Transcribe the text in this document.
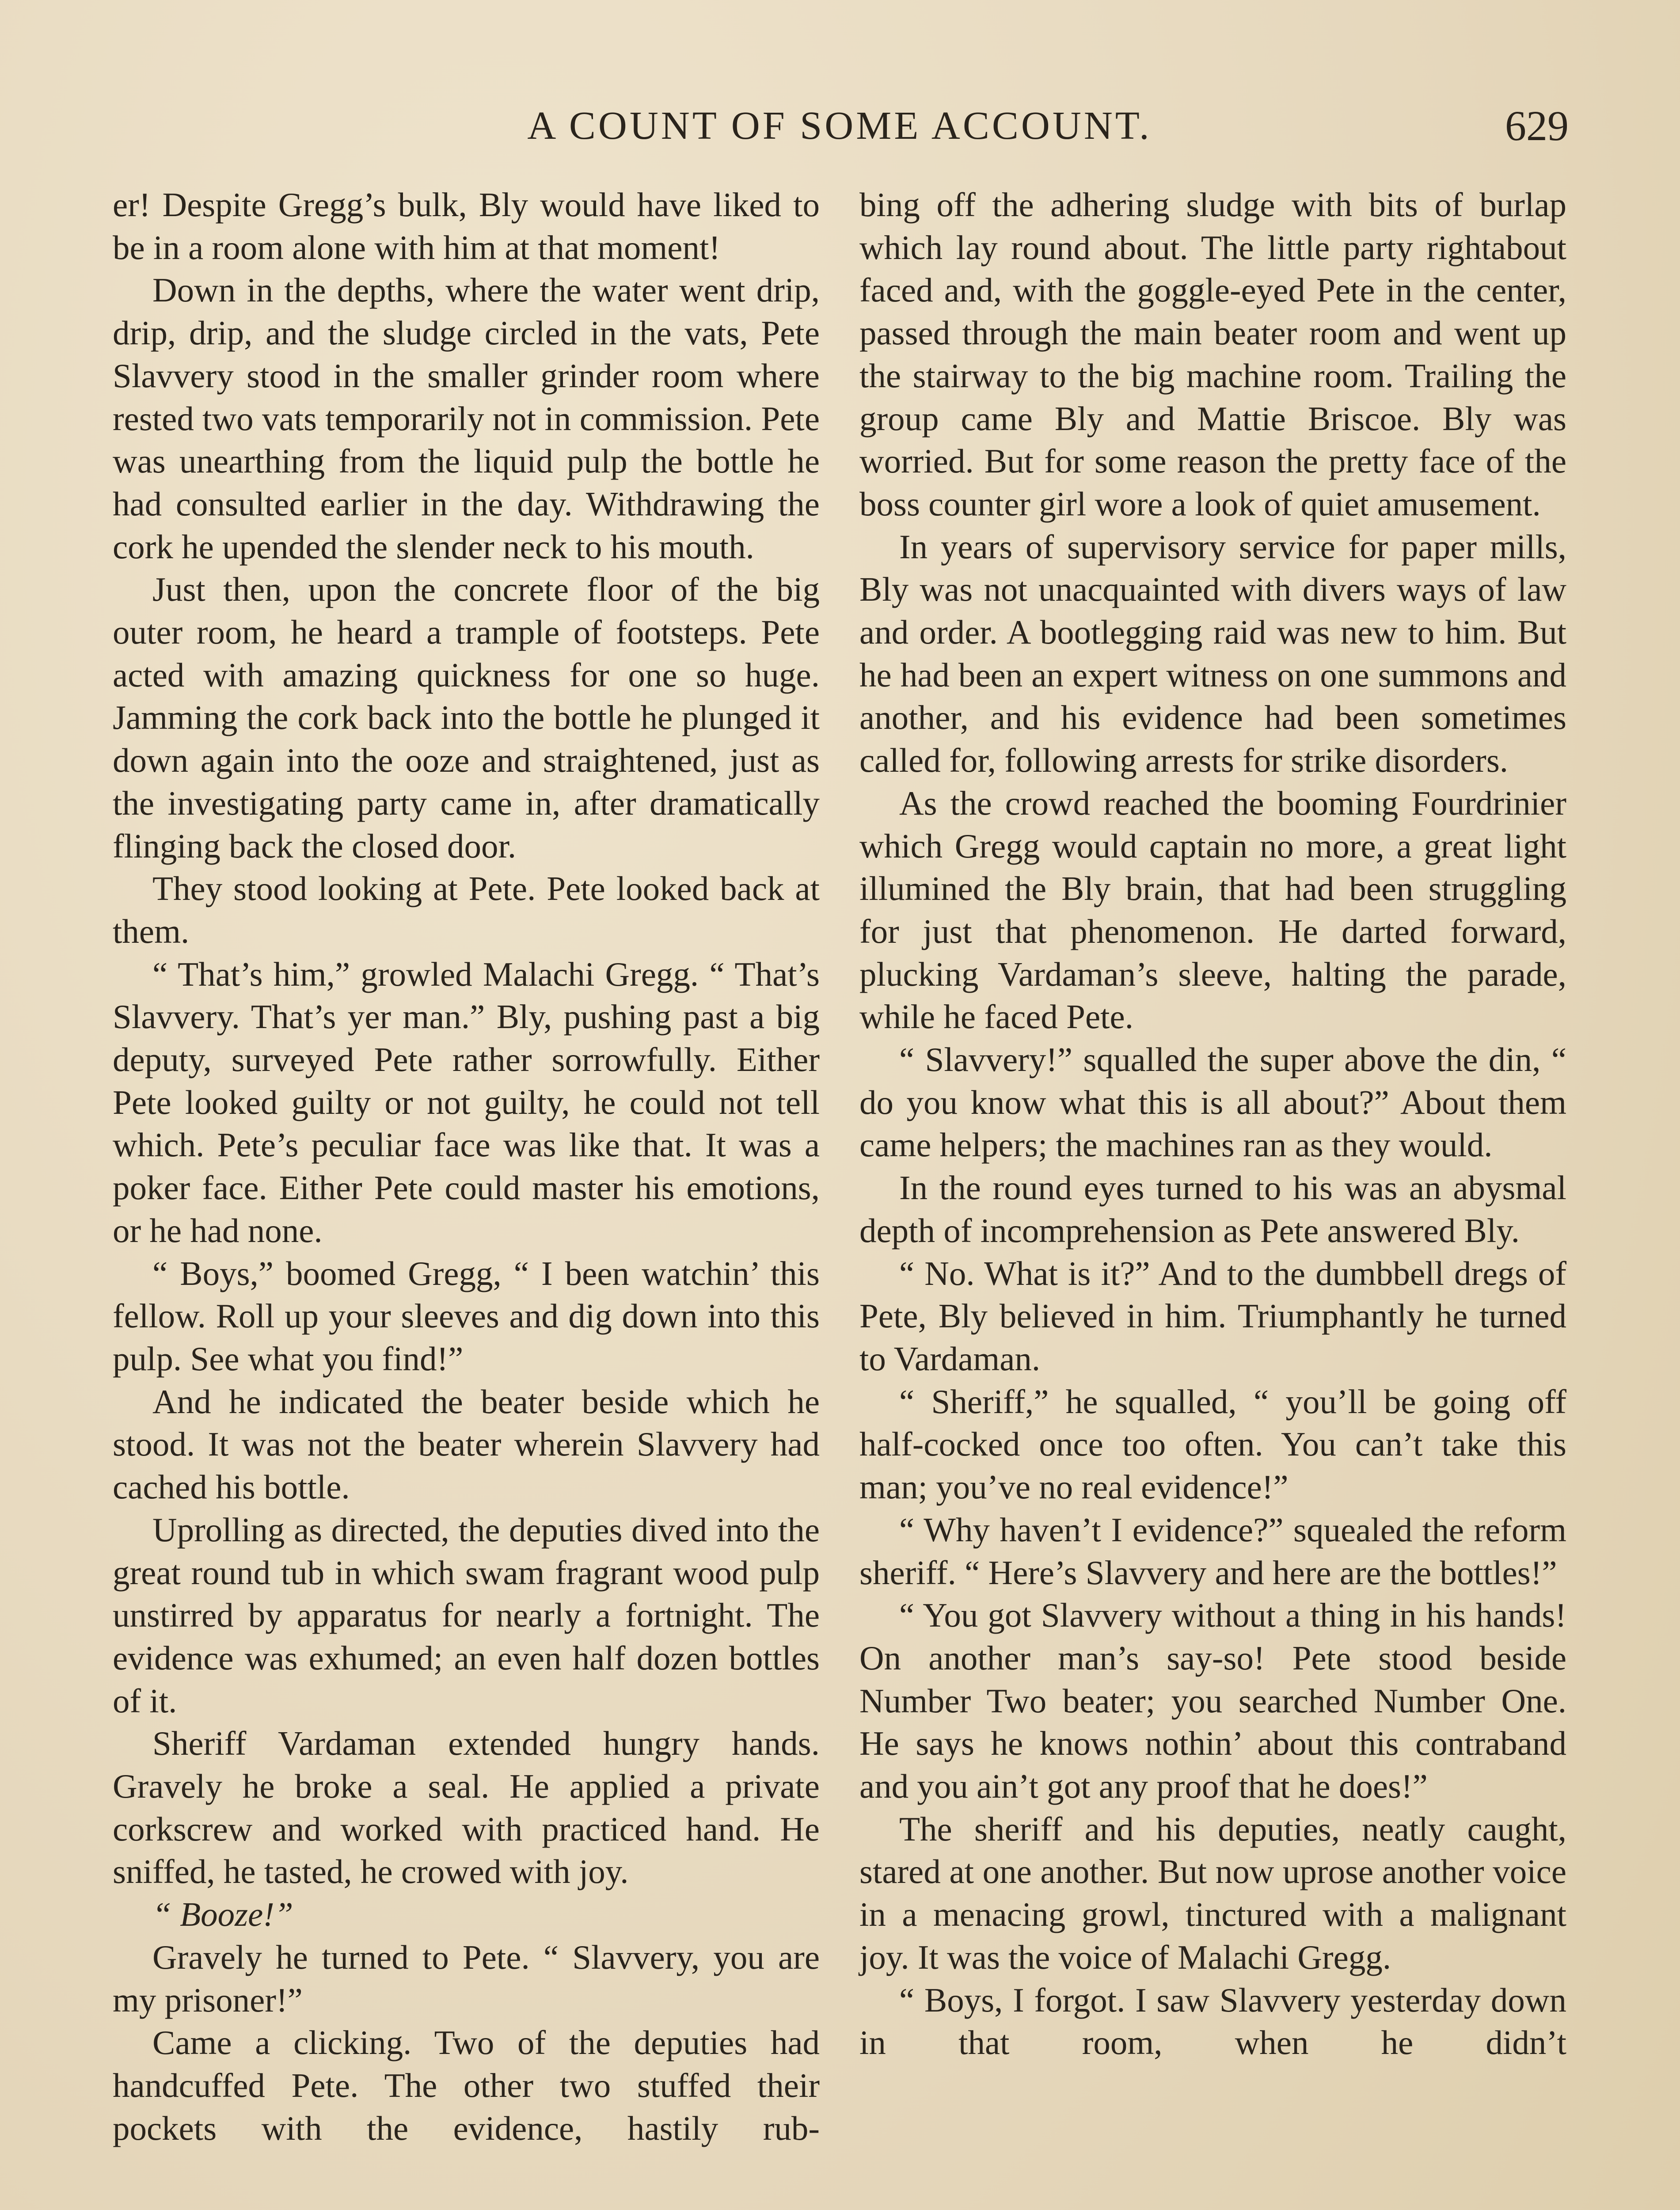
A COUNT OF SOME ACCOUNT.	629

er! Despite Gregg’s bulk, Bly would have liked to be in a room alone with him at that moment!

Down in the depths, where the water went drip, drip, drip, and the sludge circled in the vats, Pete Slavvery stood in the smaller grinder room where rested two vats temporarily not in commission. Pete was unearthing from the liquid pulp the bottle he had consulted earlier in the day. Withdrawing the cork he upended the slender neck to his mouth.

Just then, upon the concrete floor of the big outer room, he heard a trample of footsteps. Pete acted with amazing quickness for one so huge. Jamming the cork back into the bottle he plunged it down again into the ooze and straightened, just as the investigating party came in, after dramatically flinging back the closed door.

They stood looking at Pete. Pete looked back at them.

“ That’s him,” growled Malachi Gregg. “ That’s Slavvery. That’s yer man.” Bly, pushing past a big deputy, surveyed Pete rather sorrowfully. Either Pete looked guilty or not guilty, he could not tell which. Pete’s peculiar face was like that. It was a poker face. Either Pete could master his emotions, or he had none.

“ Boys,” boomed Gregg, “ I been watchin’ this fellow. Roll up your sleeves and dig down into this pulp. See what you find!”

And he indicated the beater beside which he stood. It was not the beater wherein Slavvery had cached his bottle.

Uprolling as directed, the deputies dived into the great round tub in which swam fragrant wood pulp unstirred by apparatus for nearly a fortnight. The evidence was exhumed; an even half dozen bottles of it.

Sheriff Vardaman extended hungry hands. Gravely he broke a seal. He applied a private corkscrew and worked with practiced hand. He sniffed, he tasted, he crowed with joy.

“ Booze!”

Gravely he turned to Pete. “ Slavvery, you are my prisoner!”

Came a clicking. Two of the deputies had handcuffed Pete. The other two stuffed their pockets with the evidence, hastily rub-

bing off the adhering sludge with bits of burlap which lay round about. The little party rightabout faced and, with the goggle-eyed Pete in the center, passed through the main beater room and went up the stairway to the big machine room. Trailing the group came Bly and Mattie Briscoe. Bly was worried. But for some reason the pretty face of the boss counter girl wore a look of quiet amusement.

In years of supervisory service for paper mills, Bly was not unacquainted with divers ways of law and order. A bootlegging raid was new to him. But he had been an expert witness on one summons and another, and his evidence had been sometimes called for, following arrests for strike disorders.

As the crowd reached the booming Fourdrinier which Gregg would captain no more, a great light illumined the Bly brain, that had been struggling for just that phenomenon. He darted forward, plucking Vardaman’s sleeve, halting the parade, while he faced Pete.

“ Slavvery!” squalled the super above the din, “ do you know what this is all about?” About them came helpers; the machines ran as they would.

In the round eyes turned to his was an abysmal depth of incomprehension as Pete answered Bly.

“ No. What is it?” And to the dumbbell dregs of Pete, Bly believed in him. Triumphantly he turned to Vardaman.

“ Sheriff,” he squalled, “ you’ll be going off half-cocked once too often. You can’t take this man; you’ve no real evidence!”

“ Why haven’t I evidence?” squealed the reform sheriff. “ Here’s Slavvery and here are the bottles!”

“ You got Slavvery without a thing in his hands! On another man’s say-so! Pete stood beside Number Two beater; you searched Number One. He says he knows nothin’ about this contraband and you ain’t got any proof that he does!”

The sheriff and his deputies, neatly caught, stared at one another. But now uprose another voice in a menacing growl, tinctured with a malignant joy. It was the voice of Malachi Gregg.

“ Boys, I forgot. I saw Slavvery yesterday down in that room, when he didn’t
